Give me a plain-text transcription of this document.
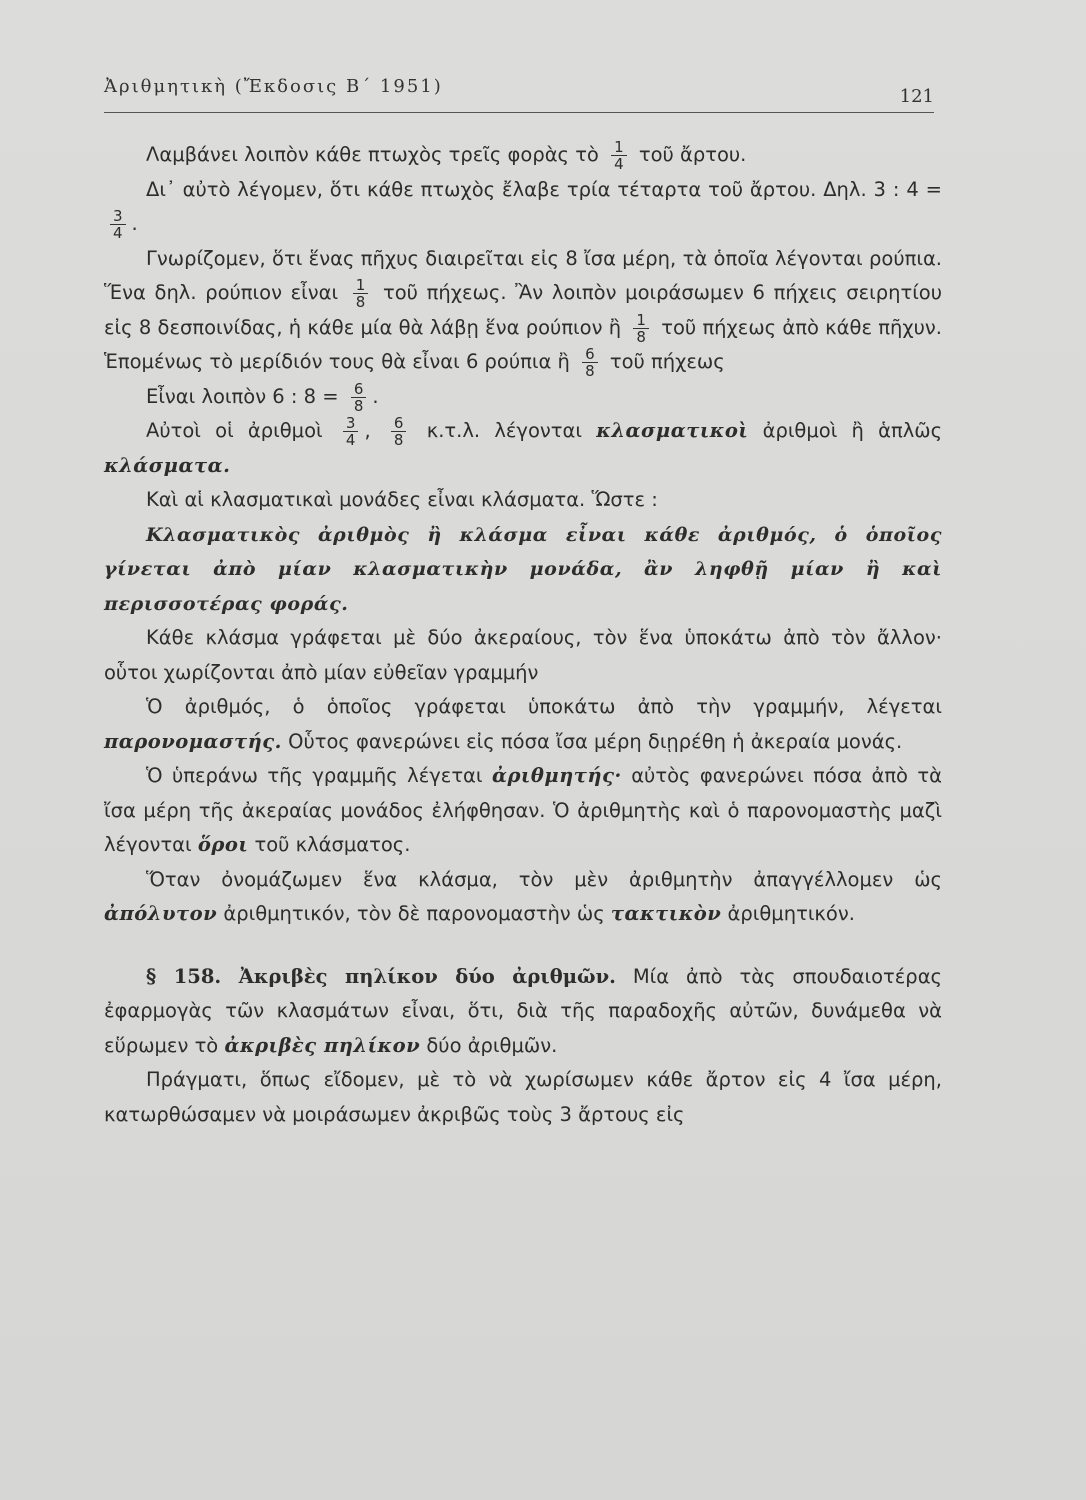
Ἀριθμητικὴ (Ἔκδοσις Β΄ 1951)	121

Λαμβάνει λοιπὸν κάθε πτωχὸς τρεῖς φορὰς τὸ $\frac{1}{4}$ τοῦ ἄρτου.

Δι᾽ αὐτὸ λέγομεν, ὅτι κάθε πτωχὸς ἔλαβε τρία τέταρτα τοῦ ἄρτου. Δηλ. 3 : 4 =
$\frac{3}{4}$ .

Γνωρίζομεν, ὅτι ἕνας πῆχυς διαιρεῖται εἰς 8 ἴσα μέρη, τὰ ὁποῖα λέγονται ρούπια. Ἕνα δηλ. ρούπιον εἶναι $\frac{1}{8}$ τοῦ πήχεως. Ἂν λοιπὸν μοιράσωμεν 6 πήχεις σειρητίου εἰς 8 δεσποινίδας, ἡ κάθε μία θὰ λάβῃ ἕνα ρούπιον ἢ $\frac{1}{8}$ τοῦ πήχεως ἀπὸ κάθε πῆχυν. Ἑπομένως τὸ μερίδιόν τους θὰ εἶναι 6 ρούπια ἢ $\frac{6}{8}$ τοῦ πήχεως

Εἶναι λοιπὸν 6 : $8 = \frac{6}{8}$ .

Αὐτοὶ οἱ ἀριθμοὶ $\frac{3}{4}$ , $\frac{6}{8} \kappa.\tau.\lambda$. λέγονται κλασματικοὶ ἀριθμοὶ ἢ ἁπλῶς κλάσματα.

Καὶ αἱ κλασματικαὶ μονάδες εἶναι κλάσματα. Ὥστε :

Κλασματικὸς ἀριθμὸς ἢ κλάσμα εἶναι κάθε ἀριθμός, ὁ ὁποῖος γίνεται ἀπὸ μίαν κλασματικὴν μονάδα, ἂν ληφθῇ μίαν ἢ καὶ περισσοτέρας φοράς.

Κάθε κλάσμα γράφεται μὲ δύο ἀκεραίους, τὸν ἕνα ὑποκάτω ἀπὸ τὸν ἄλλον· οὗτοι χωρίζονται ἀπὸ μίαν εὐθεῖαν γραμμήν

Ὁ ἀριθμός, ὁ ὁποῖος γράφεται ὑποκάτω ἀπὸ τὴν γραμμήν, λέγεται παρονομαστής. Οὗτος φανερώνει εἰς πόσα ἴσα μέρη διῃρέθη ἡ ἀκεραία μονάς.

Ὁ ὑπεράνω τῆς γραμμῆς λέγεται ἀριθμητής· αὐτὸς φανερώνει πόσα ἀπὸ τὰ ἴσα μέρη τῆς ἀκεραίας μονάδος ἐλήφθησαν. Ὁ ἀριθμητὴς καὶ ὁ παρονομαστὴς μαζὶ λέγονται ὅροι τοῦ κλάσματος.

Ὅταν ὀνομάζωμεν ἕνα κλάσμα, τὸν μὲν ἀριθμητὴν ἀπαγγέλλομεν ὡς ἀπόλυτον ἀριθμητικόν, τὸν δὲ παρονομαστὴν ὡς τακτικὸν ἀριθμητικόν.

§ 158. Ἀκριβὲς πηλίκον δύο ἀριθμῶν. Μία ἀπὸ τὰς σπουδαιοτέρας ἐφαρμογὰς τῶν κλασμάτων εἶναι, ὅτι, διὰ τῆς παραδοχῆς αὐτῶν, δυνάμεθα νὰ εὕρωμεν τὸ ἀκριβὲς πηλίκον δύο ἀριθμῶν.

Πράγματι, ὅπως εἴδομεν, μὲ τὸ νὰ χωρίσωμεν κάθε ἄρτον εἰς 4 ἴσα μέρη, κατωρθώσαμεν νὰ μοιράσωμεν ἀκριβῶς τοὺς 3 ἄρτους εἰς
